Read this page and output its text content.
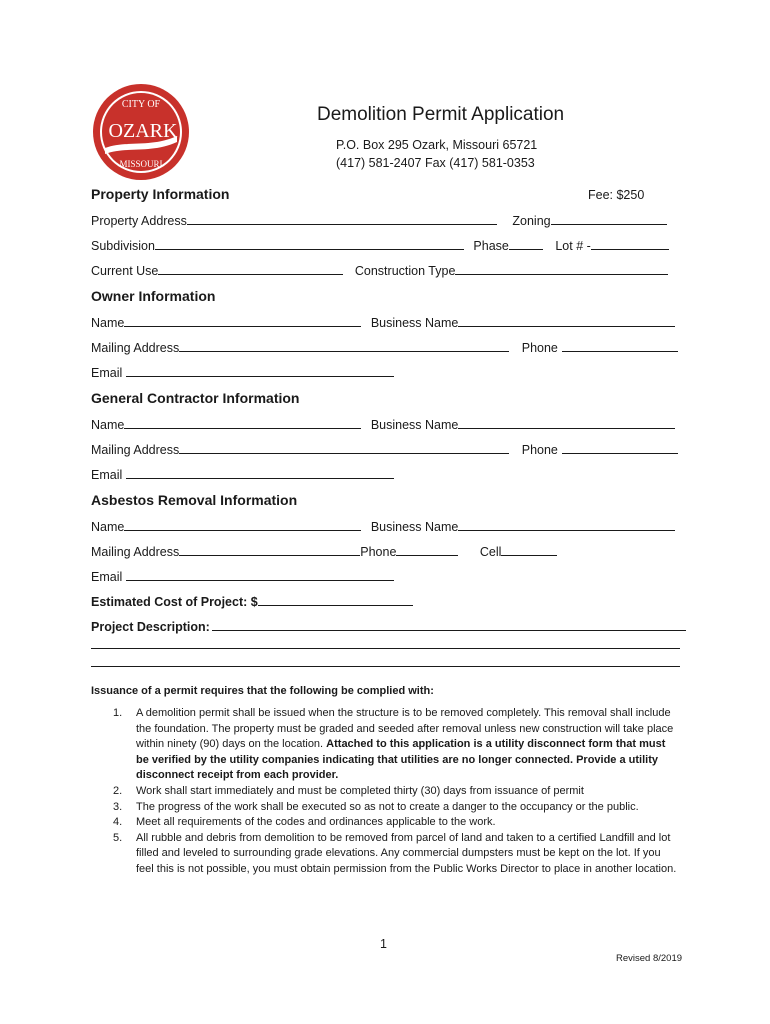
CITY OF
OZARK
MISSOURI
Demolition Permit Application
P.O. Box 295 Ozark, Missouri 65721
(417) 581-2407 Fax (417) 581-0353
Property Information	Fee: $250
Property Address	Zoning
Subdivision	Phase	Lot # -
Current Use	Construction Type
Owner Information
Name	Business Name
Mailing Address	Phone
Email
General Contractor Information
Name	Business Name
Mailing Address	Phone
Email
Asbestos Removal Information
Name	Business Name
Mailing Address	Phone	Cell
Email
Estimated Cost of Project: $
Project Description:
Issuance of a permit requires that the following be complied with:
1. A demolition permit shall be issued when the structure is to be removed completely. This removal shall include the foundation. The property must be graded and seeded after removal unless new construction will take place within ninety (90) days on the location. Attached to this application is a utility disconnect form that must be verified by the utility companies indicating that utilities are no longer connected. Provide a utility disconnect receipt from each provider.
2. Work shall start immediately and must be completed thirty (30) days from issuance of permit
3. The progress of the work shall be executed so as not to create a danger to the occupancy or the public.
4. Meet all requirements of the codes and ordinances applicable to the work.
5. All rubble and debris from demolition to be removed from parcel of land and taken to a certified Landfill and lot filled and leveled to surrounding grade elevations. Any commercial dumpsters must be kept on the lot. If you feel this is not possible, you must obtain permission from the Public Works Director to place in another location.
1
Revised 8/2019
